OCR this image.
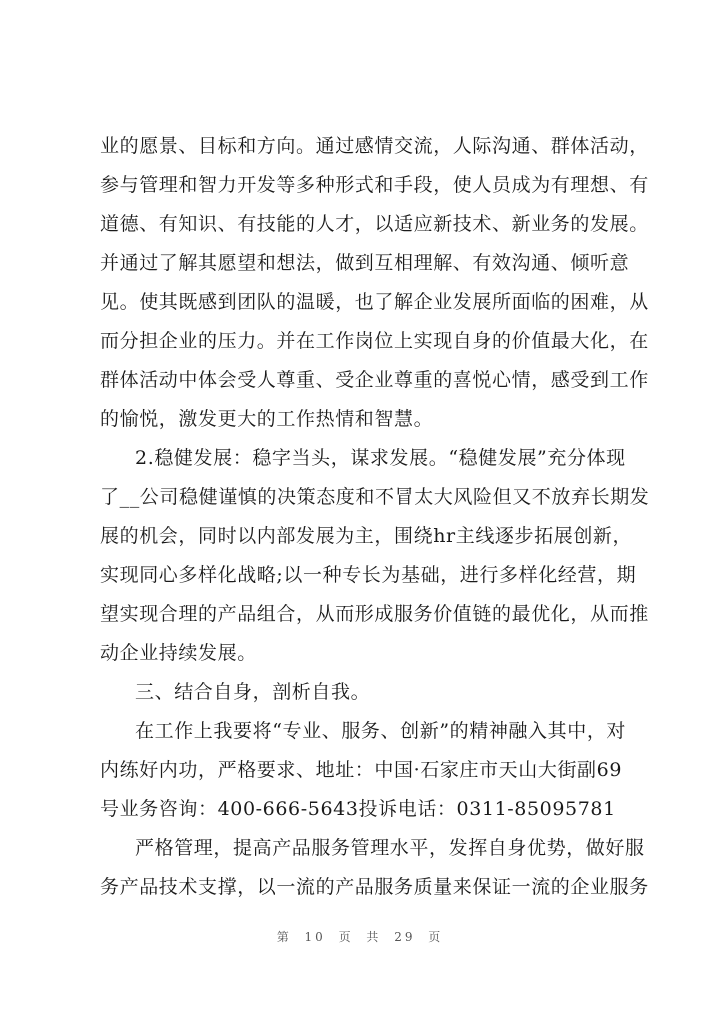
业的愿景、目标和方向。通过感情交流，人际沟通、群体活动，
参与管理和智力开发等多种形式和手段，使人员成为有理想、有
道德、有知识、有技能的人才，以适应新技术、新业务的发展。
并通过了解其愿望和想法，做到互相理解、有效沟通、倾听意
见。使其既感到团队的温暖，也了解企业发展所面临的困难，从
而分担企业的压力。并在工作岗位上实现自身的价值最大化，在
群体活动中体会受人尊重、受企业尊重的喜悦心情，感受到工作
的愉悦，激发更大的工作热情和智慧。
2.稳健发展：稳字当头，谋求发展。“稳健发展”充分体现
了__公司稳健谨慎的决策态度和不冒太大风险但又不放弃长期发
展的机会，同时以内部发展为主，围绕hr主线逐步拓展创新，
实现同心多样化战略;以一种专长为基础，进行多样化经营，期
望实现合理的产品组合，从而形成服务价值链的最优化，从而推
动企业持续发展。
三、结合自身，剖析自我。
在工作上我要将“专业、服务、创新”的精神融入其中，对
内练好内功，严格要求、地址：中国·石家庄市天山大街副69
号业务咨询：400-666-5643投诉电话：0311-85095781
严格管理，提高产品服务管理水平，发挥自身优势，做好服
务产品技术支撑，以一流的产品服务质量来保证一流的企业服务
第 10 页 共 29 页
